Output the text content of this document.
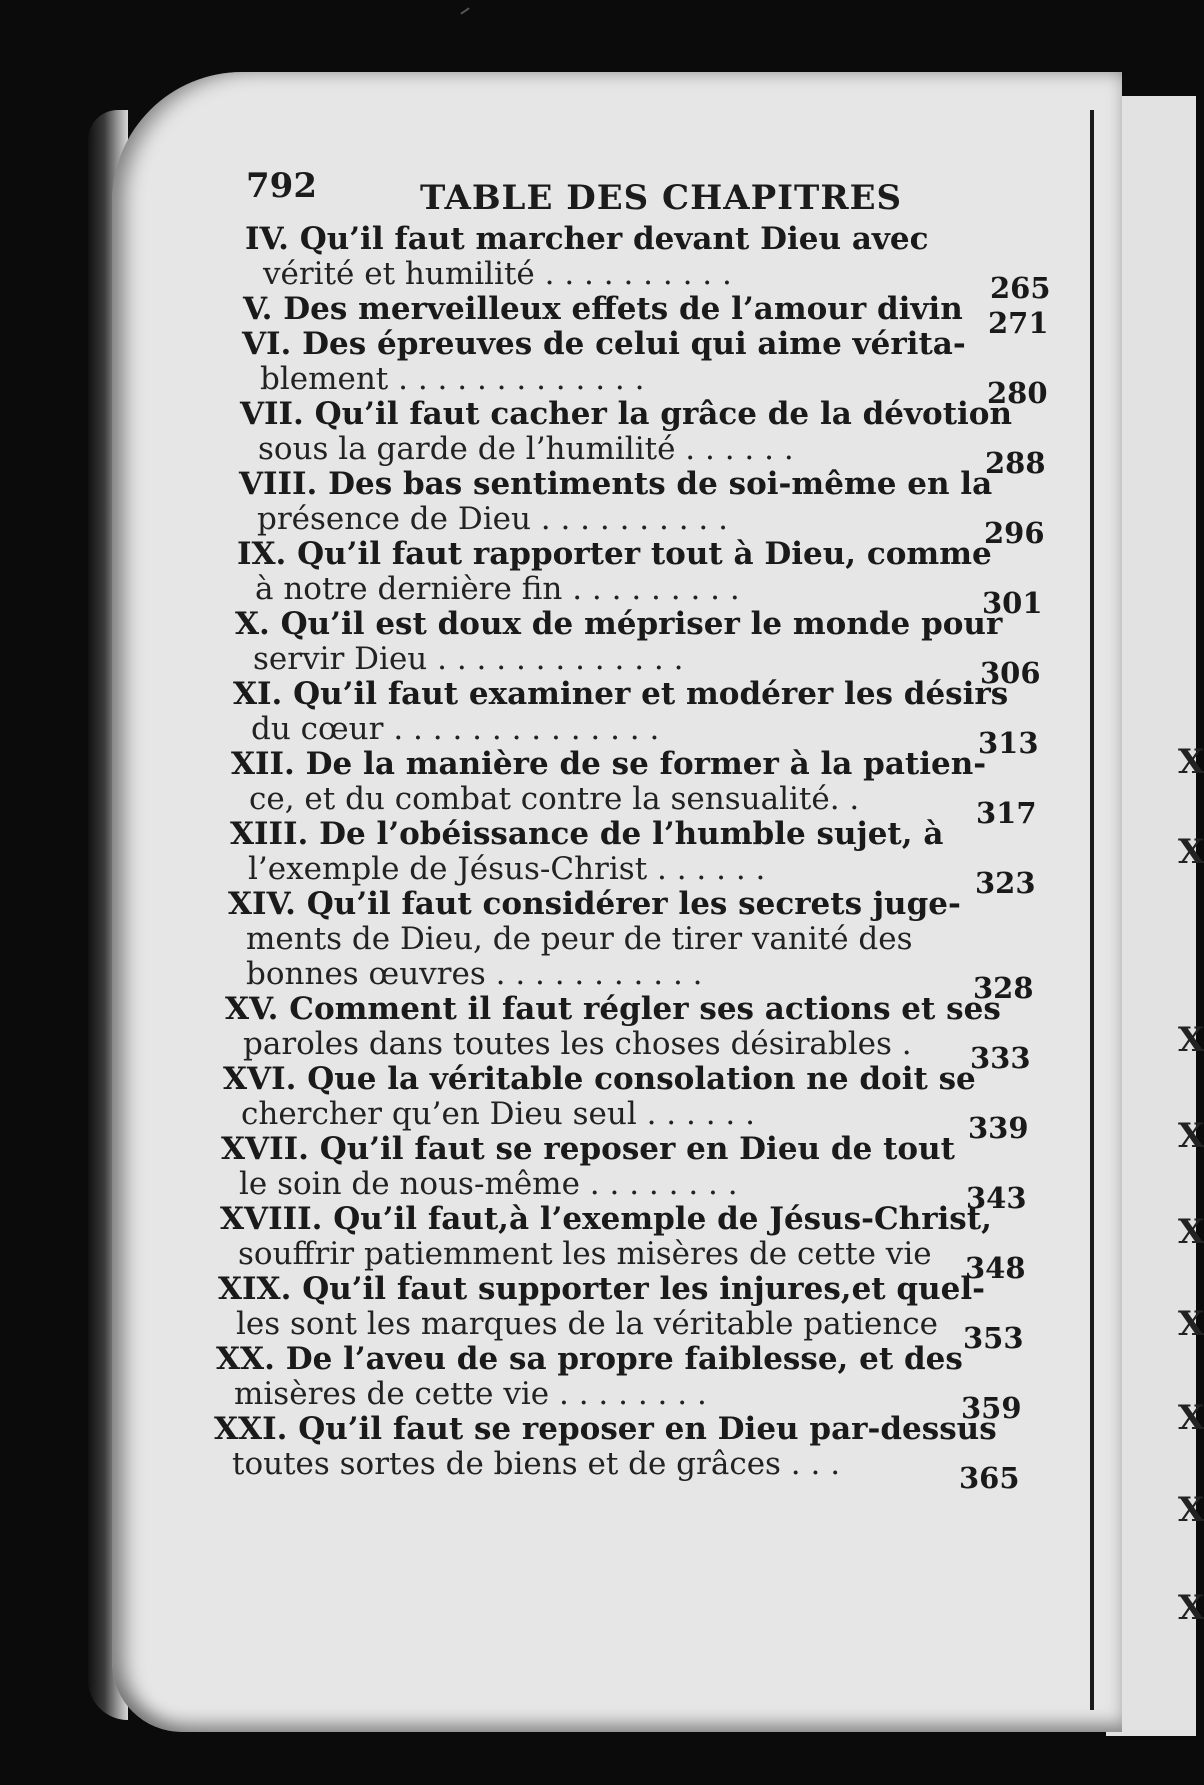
792	TABLE DES CHAPITRES
IV. Qu’il faut marcher devant Dieu avec
vérité et humilité . . . . . . . . . .	265
V. Des merveilleux effets de l’amour divin 271
VI. Des épreuves de celui qui aime vérita-
blement . . . . . . . . . . . . .	280
VII. Qu’il faut cacher la grâce de la dévotion
sous la garde de l’humilité . . . . . .	288
VIII. Des bas sentiments de soi-même en la
présence de Dieu . . . . . . . . . .	296
IX. Qu’il faut rapporter tout à Dieu, comme
à notre dernière fin . . . . . . . . .	301
X. Qu’il est doux de mépriser le monde pour
servir Dieu . . . . . . . . . . . . .	306
XI. Qu’il faut examiner et modérer les désirs
du cœur . . . . . . . . . . . . . .	313
XII. De la manière de se former à la patien-
ce, et du combat contre la sensualité. .	317
XIII. De l’obéissance de l’humble sujet, à
l’exemple de Jésus-Christ . . . . . .	323
XIV. Qu’il faut considérer les secrets juge-
ments de Dieu, de peur de tirer vanité des
bonnes œuvres . . . . . . . . . . .	328
XV. Comment il faut régler ses actions et ses
paroles dans toutes les choses désirables . 333
XVI. Que la véritable consolation ne doit se
chercher qu’en Dieu seul . . . . . .	339
XVII. Qu’il faut se reposer en Dieu de tout
le soin de nous-même . . . . . . . .	343
XVIII. Qu’il faut,à l’exemple de Jésus-Christ,
souffrir patiemment les misères de cette vie 348
XIX. Qu’il faut supporter les injures,et quel-
les sont les marques de la véritable patience 353
XX. De l’aveu de sa propre faiblesse, et des
misères de cette vie . . . . . . . .	359
XXI. Qu’il faut se reposer en Dieu par-dessus
toutes sortes de biens et de grâces . . .	365
X
X
X
X
X
X
X
X
X
